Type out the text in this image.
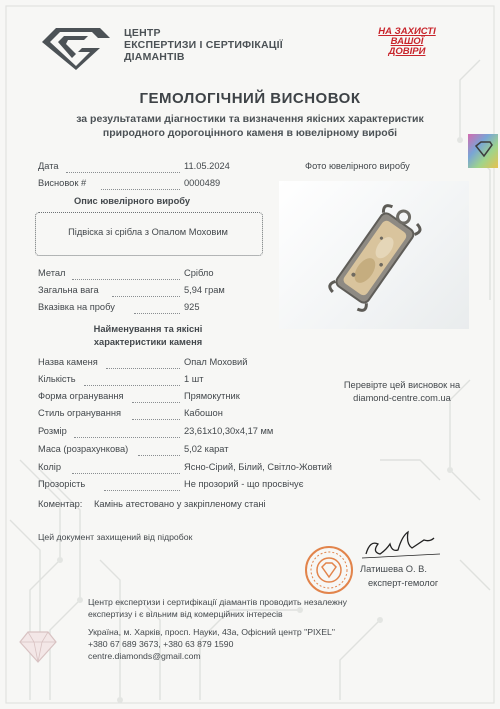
ЦЕНТР
ЕКСПЕРТИЗИ І СЕРТИФІКАЦІЇ
ДІАМАНТІВ
НА ЗАХИСТІ
ВАШОЇ
ДОВІРИ
ГЕМОЛОГІЧНИЙ ВИСНОВОК
за результатами діагностики та визначення якісних характеристик
природного дорогоцінного каменя в ювелірному виробі
Дата	11.05.2024
Висновок #	0000489
Фото ювелірного виробу
Опис ювелірного виробу
Підвіска зі срібла з Опалом Моховим
Метал	Срібло
Загальна вага	5,94 грам
Вказівка на пробу	925
Найменування та якісні
характеристики каменя
Назва каменя	Опал Моховий
Кількість	1 шт
Форма огранування	Прямокутник
Стиль огранування	Кабошон
Розмір	23,61х10,30х4,17 мм
Маса (розрахункова)	5,02 карат
Колір	Ясно-Сірий, Білий, Світло-Жовтий
Прозорість	Не прозорий - що просвічує
Перевірте цей висновок на
diamond-centre.com.ua
Коментар: Камінь атестовано у закріпленому стані
Цей документ захищений від підробок
Латишева О. В.
експерт-гемолог
Центр експертизи і сертифікації діамантів проводить незалежну
експертизу і є вільним від комерційних інтересів
Україна, м. Харків, просп. Науки, 43а, Офісний центр "PIXEL"
+380 67 689 3673, +380 63 879 1590
centre.diamonds@gmail.com
